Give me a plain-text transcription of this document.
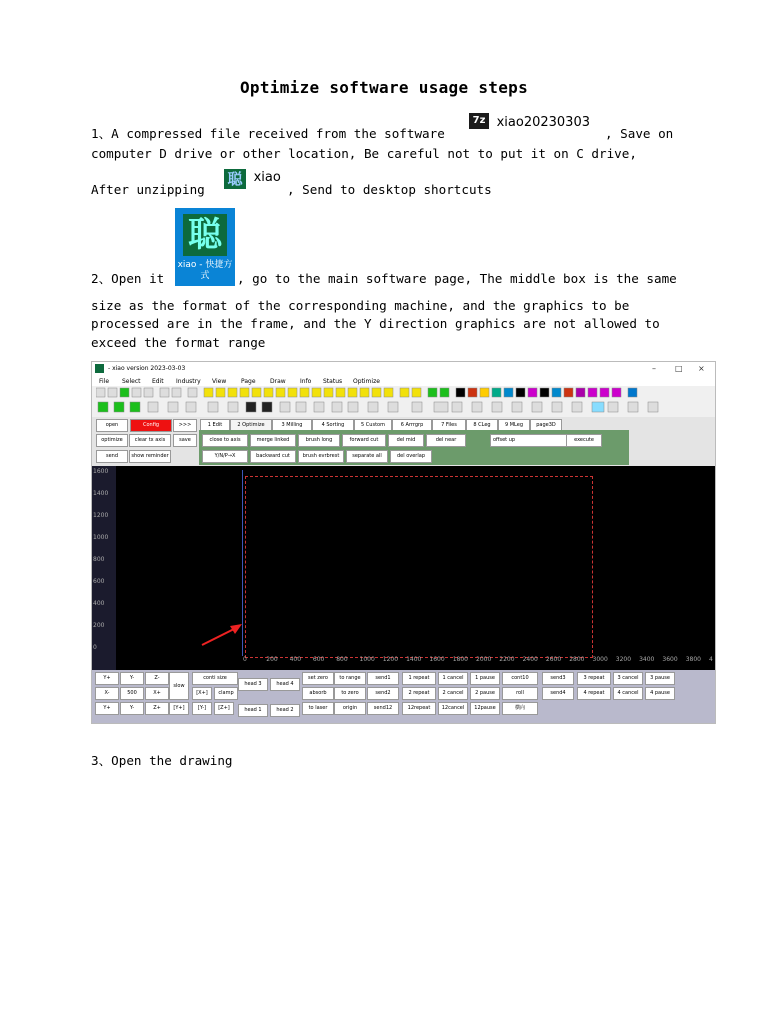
Optimize software usage steps
1、A compressed file received from the software
7z xiao20230303
, Save on
computer D drive or other location, Be careful not to put it on C drive,
After unzipping
聪 xiao
, Send to desktop shortcuts
聪
xiao - 快捷方式
2、Open it	, go to the main software page, The middle box is the same
size as the format of the corresponding machine, and the graphics to be
processed are in the frame, and the Y direction graphics are not allowed to
exceed the format range
- xiao version 2023-03-03	– □ ×
File Select Edit Industry View Page Draw Info Status Optimize
open	Config	>>>
optimize	clear tx axis	save
send	show reminder
1 Edit	2 Optimize	3 Milling	4 Sorting	5 Custom	6 Arrrgrp	7 Files	8 CLeg	9 MLeg	page3D
close to axis	merge linked	brush long	forward cut	del mid	del near	offset up	execute
Y/N/P→X	backward cut	brush evrbrest	separate all	del overlap
1600
1400
1200
1000
800
600
400
200
0
Y+	Y-	Z-
X-	500	X+
Y+	Y-	Z+
slow
conti size
[X+]	clamp
[Y+]	[Y-]	[Z+]
head 3	head 4
head 1	head 2
set zero	to range	send1	1 repeat	1 cancel	1 pause	cont10	send3	3 repeat	3 cancel	3 pause
absorb	to zero	send2	2 repeat	2 cancel	2 pause	roll	send4	4 repeat	4 cancel	4 pause
to laser	origin	send12	12repeat	12cancel	12pause	横向
0	200 400 600 800 1000 1200 1400 1600 1800 2000 2200 2400 2600 2800 3000 3200 3400 3600 3800 4
3、Open the drawing
